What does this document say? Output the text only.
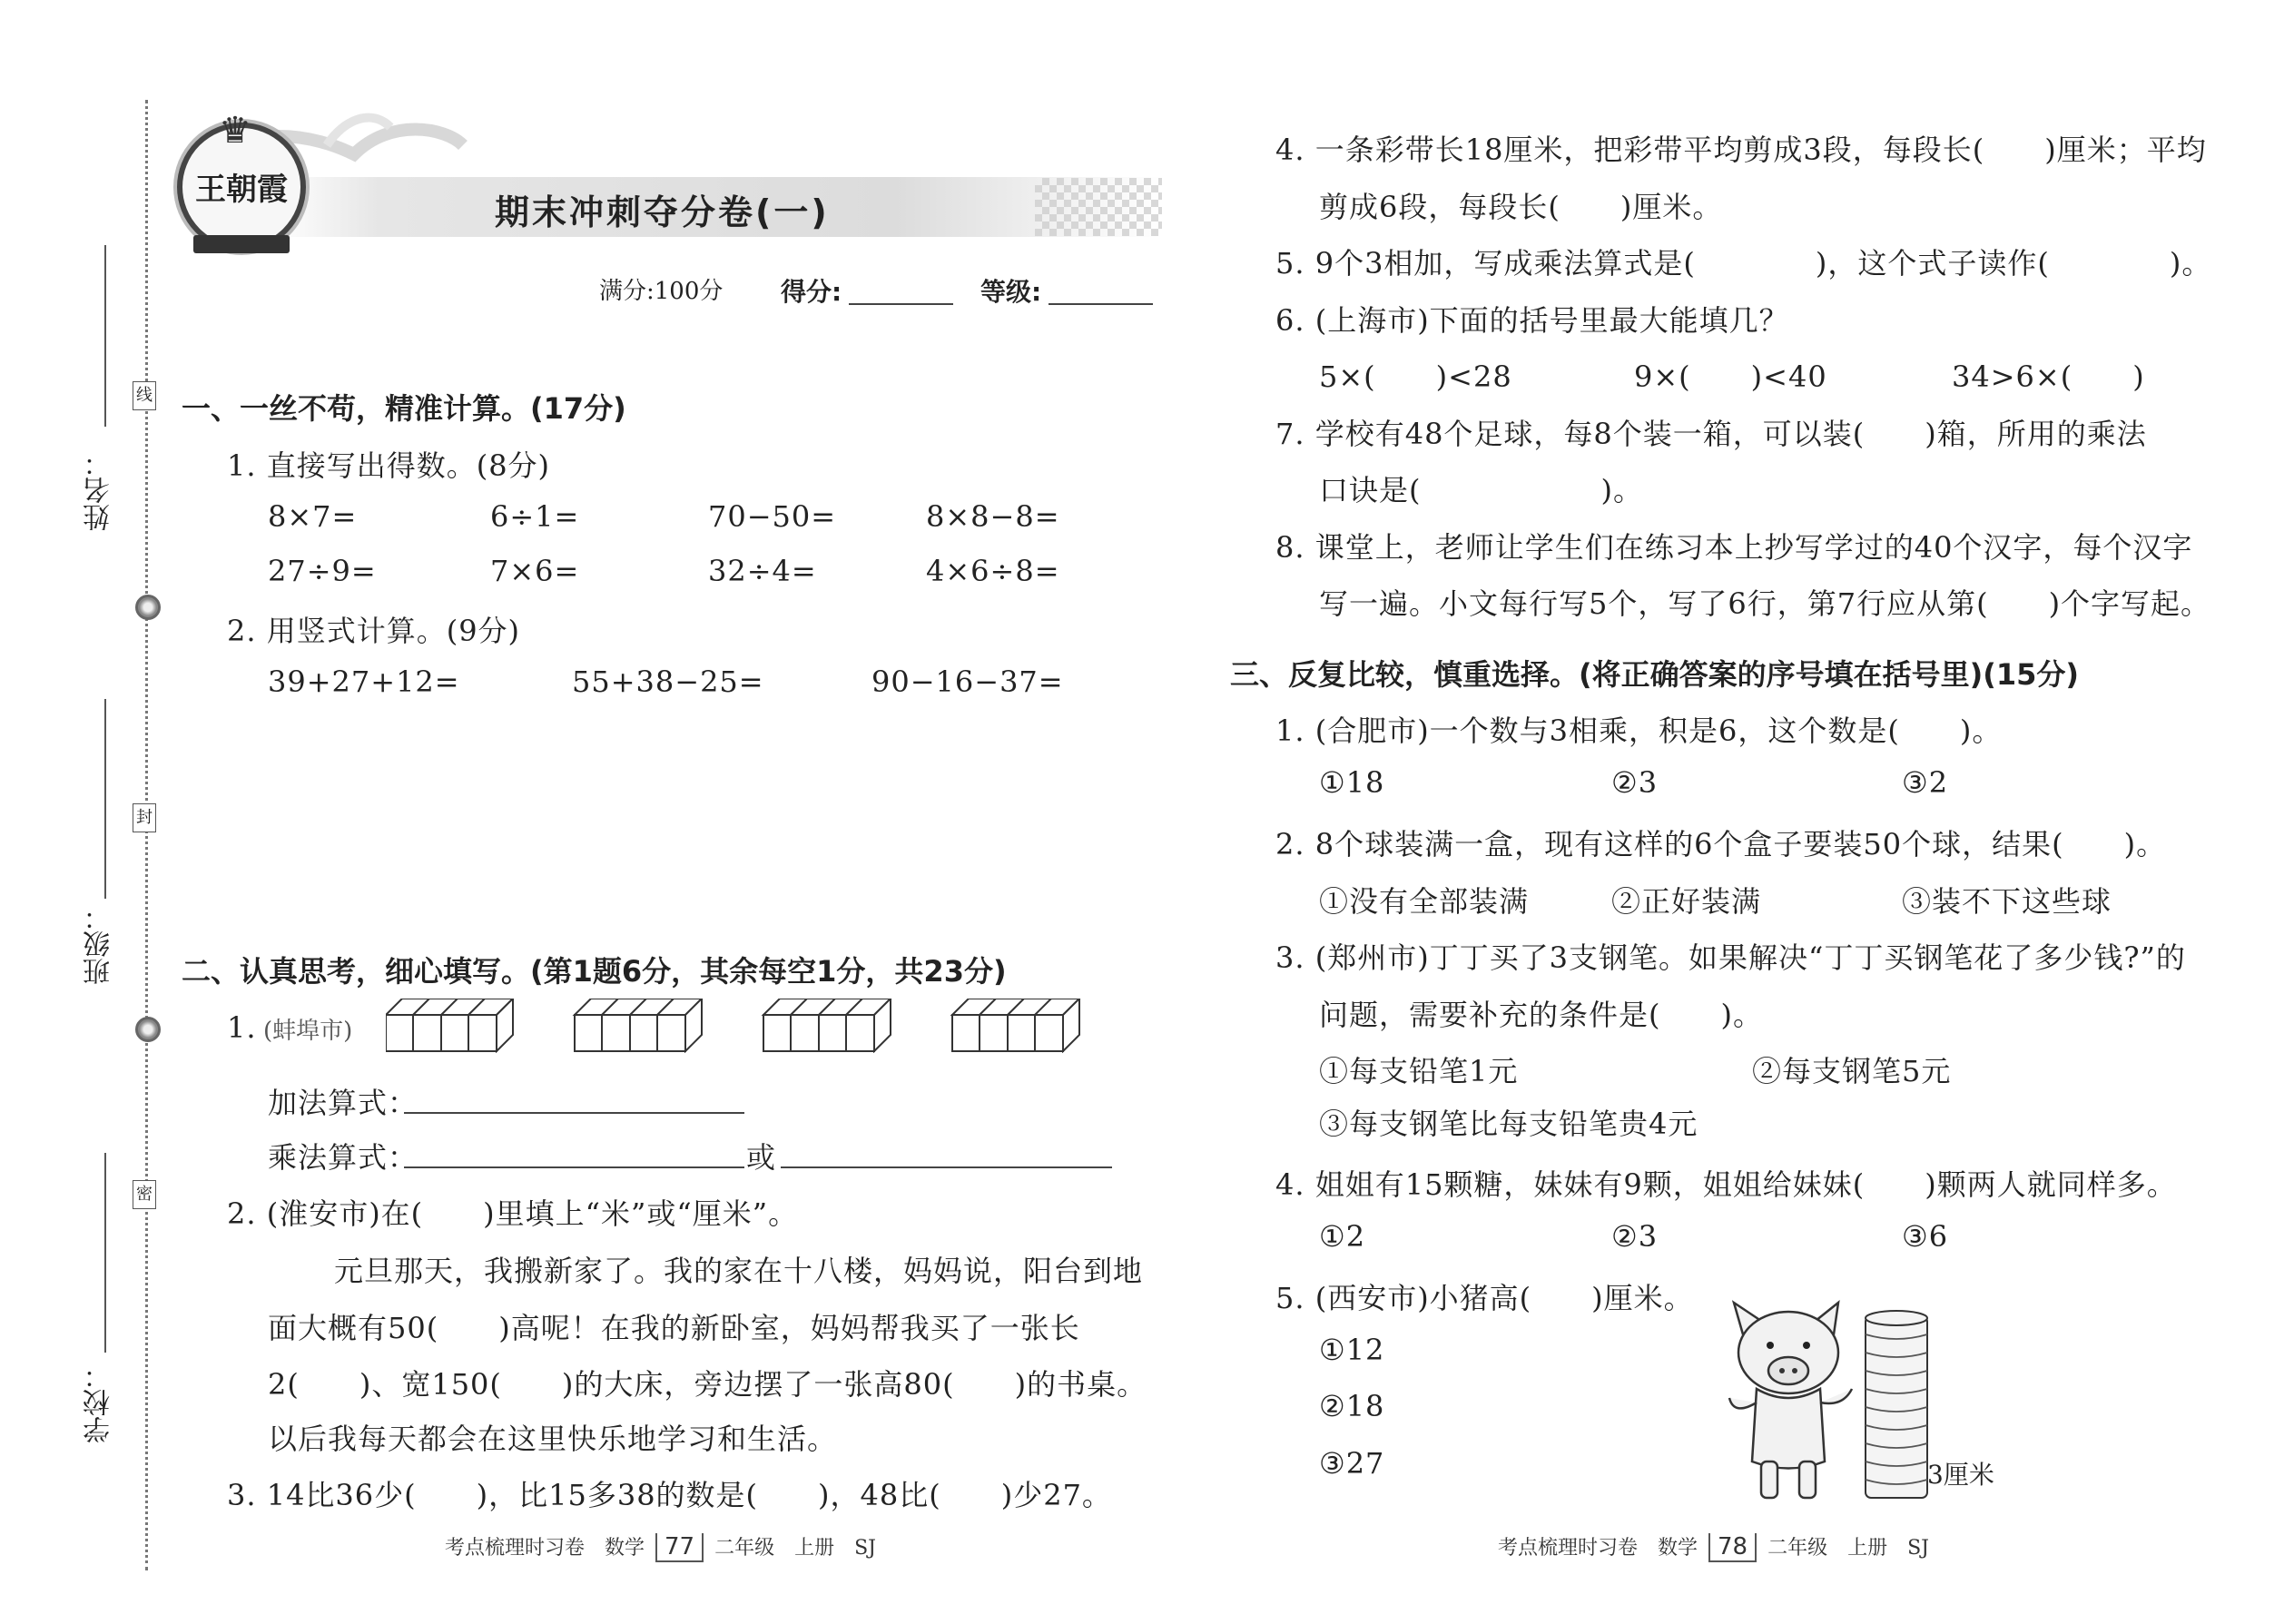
姓名：
班级：
学校：
线
封
密
♛
王朝霞
期末冲刺夺分卷(一)
满分:100分 得分:	等级:
一、一丝不苟，精准计算。(17分)
1. 直接写出得数。(8分)
8×7=	6÷1=	70−50=	8×8−8=
27÷9=	7×6=	32÷4=	4×6÷8=
2. 用竖式计算。(9分)
39+27+12=	55+38−25=	90−16−37=
二、认真思考，细心填写。(第1题6分，其余每空1分，共23分)
1. (蚌埠市)
加法算式：
乘法算式：	或
2. (淮安市)在(　　)里填上“米”或“厘米”。
元旦那天，我搬新家了。我的家在十八楼，妈妈说，阳台到地
面大概有50(　　)高呢！在我的新卧室，妈妈帮我买了一张长
2(　　)、宽150(　　)的大床，旁边摆了一张高80(　　)的书桌。
以后我每天都会在这里快乐地学习和生活。
3. 14比36少(　　)，比15多38的数是(　　)，48比(　　)少27。
考点梳理时习卷　数学 77 二年级　上册　SJ
4. 一条彩带长18厘米，把彩带平均剪成3段，每段长(　　)厘米；平均
剪成6段，每段长(　　)厘米。
5. 9个3相加，写成乘法算式是(　　　　)，这个式子读作(　　　　)。
6. (上海市)下面的括号里最大能填几？
5×(　　)<28	9×(　　)<40	34>6×(　　)
7. 学校有48个足球，每8个装一箱，可以装(　　)箱，所用的乘法
口诀是(　　　　　　)。
8. 课堂上，老师让学生们在练习本上抄写学过的40个汉字，每个汉字
写一遍。小文每行写5个，写了6行，第7行应从第(　　)个字写起。
三、反复比较，慎重选择。(将正确答案的序号填在括号里)(15分)
1. (合肥市)一个数与3相乘，积是6，这个数是(　　)。
①18	②3	③2
2. 8个球装满一盒，现有这样的6个盒子要装50个球，结果(　　)。
①没有全部装满	②正好装满	③装不下这些球
3. (郑州市)丁丁买了3支钢笔。如果解决“丁丁买钢笔花了多少钱?”的
问题，需要补充的条件是(　　)。
①每支铅笔1元	②每支钢笔5元
③每支钢笔比每支铅笔贵4元
4. 姐姐有15颗糖，妹妹有9颗，姐姐给妹妹(　　)颗两人就同样多。
①2	②3	③6
5. (西安市)小猪高(　　)厘米。
①12
②18
③27	3厘米
考点梳理时习卷　数学 78 二年级　上册　SJ
